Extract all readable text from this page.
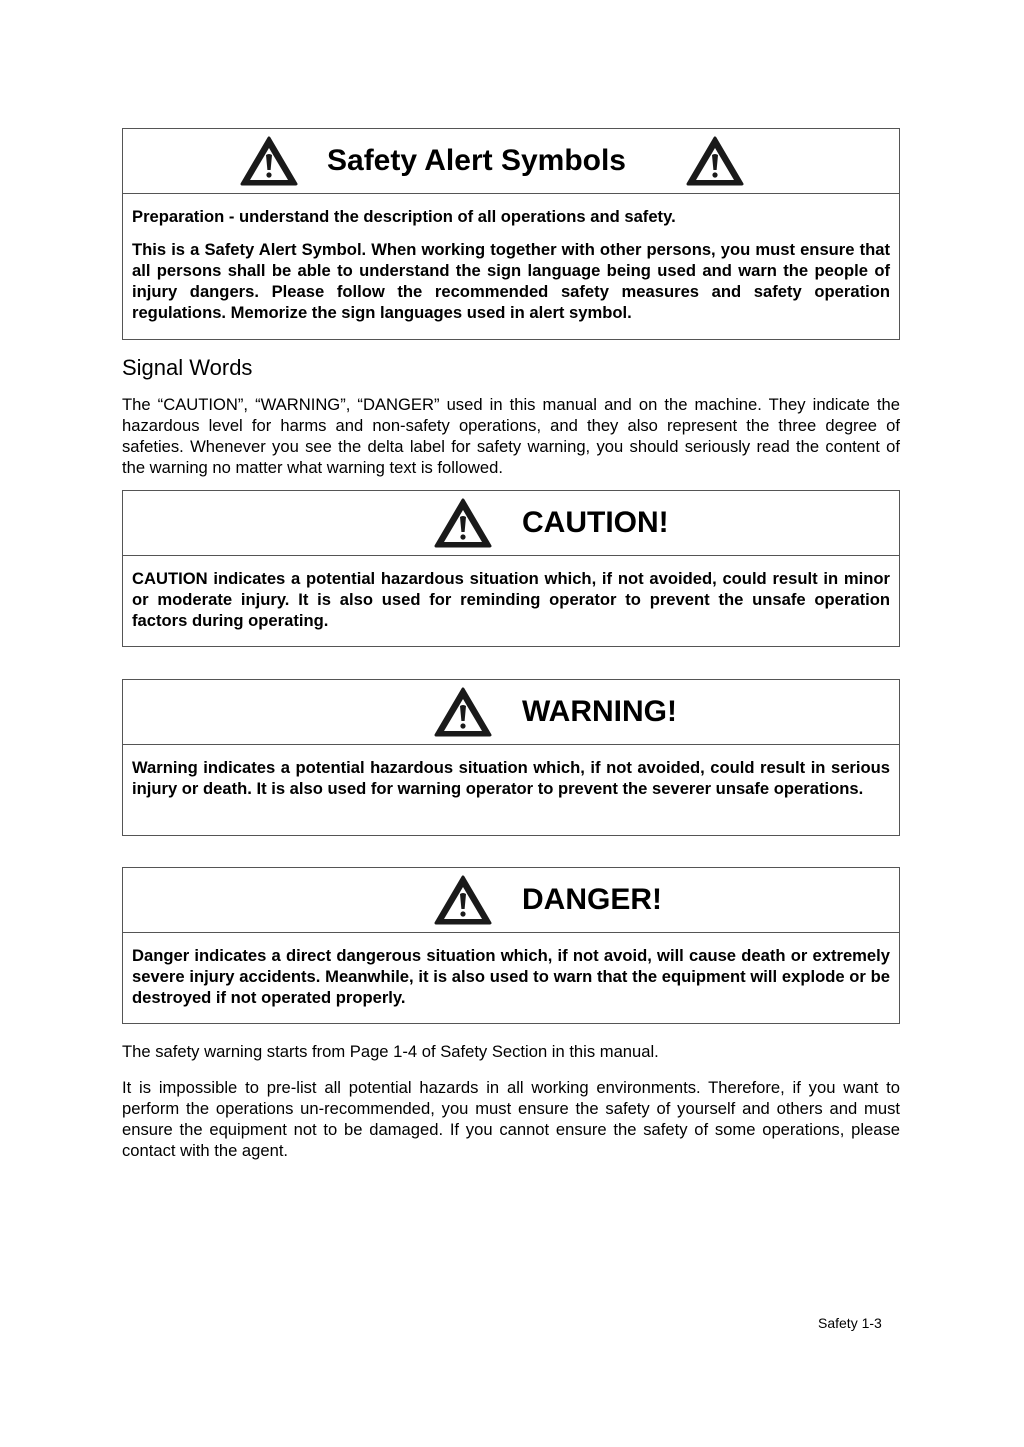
Safety Alert Symbols

Preparation - understand the description of all operations and safety.

This is a Safety Alert Symbol. When working together with other persons, you must ensure that all persons shall be able to understand the sign language being used and warn the people of injury dangers. Please follow the recommended safety measures and safety operation regulations. Memorize the sign languages used in alert symbol.

Signal Words

The “CAUTION”, “WARNING”, “DANGER” used in this manual and on the machine. They indicate the hazardous level for harms and non-safety operations, and they also represent the three degree of safeties. Whenever you see the delta label for safety warning, you should seriously read the content of the warning no matter what warning text is followed.

CAUTION!

CAUTION indicates a potential hazardous situation which, if not avoided, could result in minor or moderate injury. It is also used for reminding operator to prevent the unsafe operation factors during operating.

WARNING!

Warning indicates a potential hazardous situation which, if not avoided, could result in serious injury or death. It is also used for warning operator to prevent the severer unsafe operations.

DANGER!

Danger indicates a direct dangerous situation which, if not avoid, will cause death or extremely severe injury accidents. Meanwhile, it is also used to warn that the equipment will explode or be destroyed if not operated properly.

The safety warning starts from Page 1-4 of Safety Section in this manual.

It is impossible to pre-list all potential hazards in all working environments. Therefore, if you want to perform the operations un-recommended, you must ensure the safety of yourself and others and must ensure the equipment not to be damaged. If you cannot ensure the safety of some operations, please contact with the agent.

Safety 1-3
